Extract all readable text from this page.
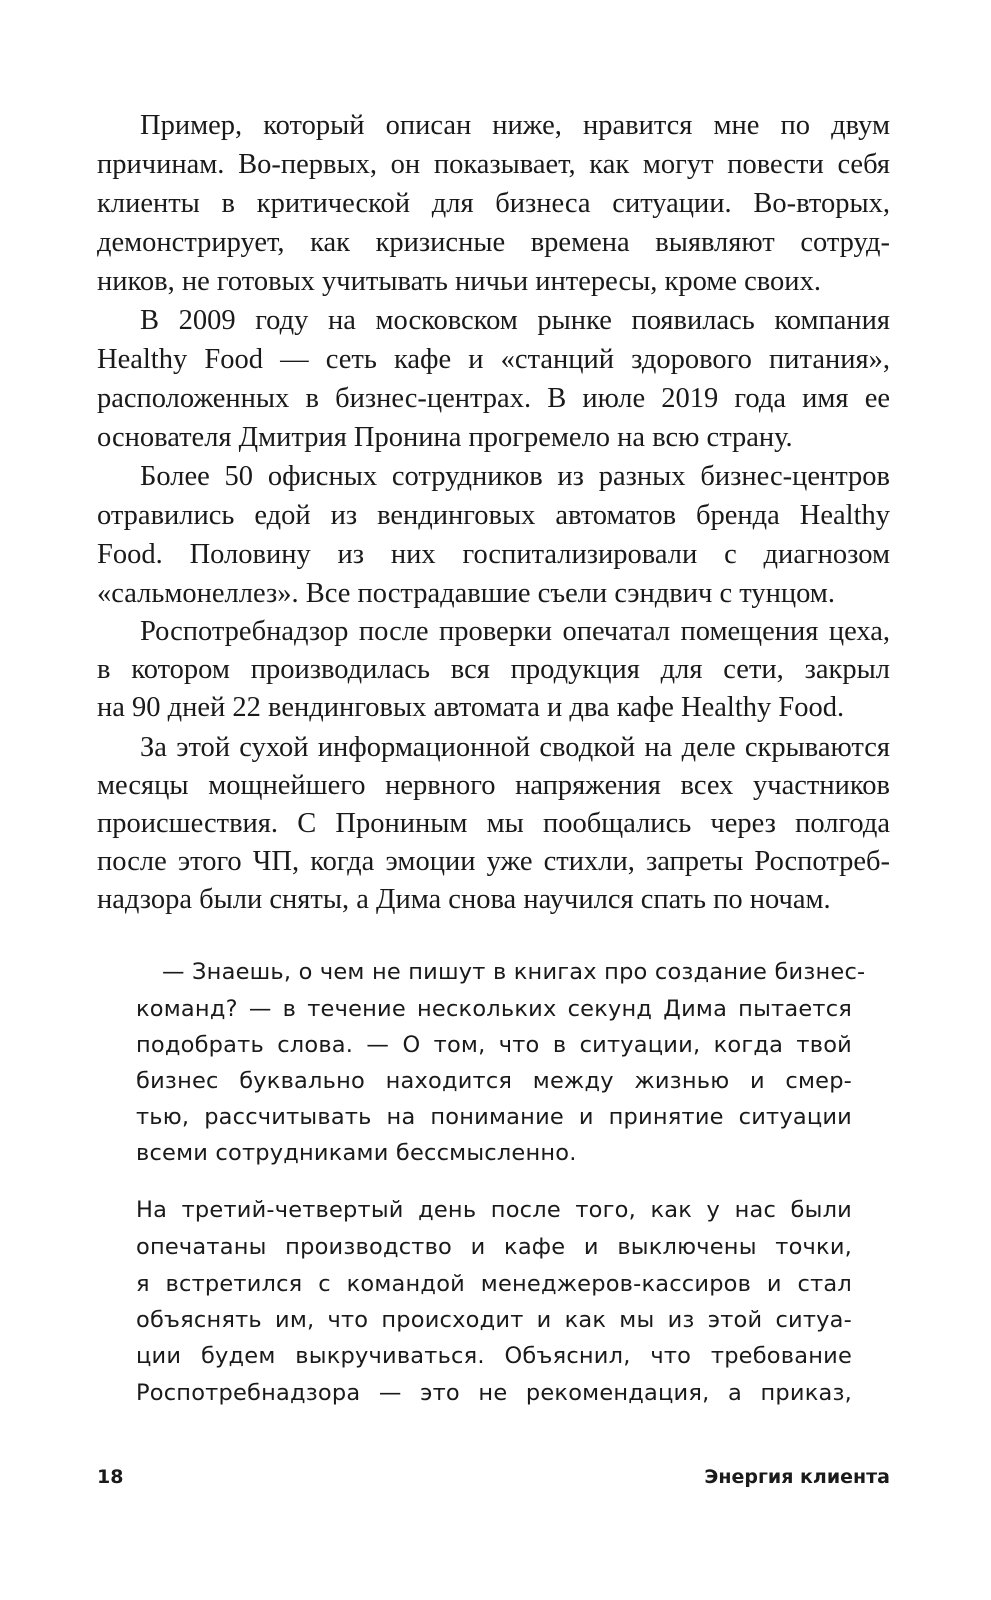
Пример, который описан ниже, нравится мне по двум
причинам. Во-первых, он показывает, как могут повести себя
клиенты в критической для бизнеса ситуации. Во-вторых,
демонстрирует, как кризисные времена выявляют сотруд-
ников, не готовых учитывать ничьи интересы, кроме своих.
В 2009 году на московском рынке появилась компания
Healthy Food — сеть кафе и «станций здорового питания»,
расположенных в бизнес-центрах. В июле 2019 года имя ее
основателя Дмитрия Пронина прогремело на всю страну.
Более 50 офисных сотрудников из разных бизнес-центров
отравились едой из вендинговых автоматов бренда Healthy
Food. Половину из них госпитализировали с диагнозом
«сальмонеллез». Все пострадавшие съели сэндвич с тунцом.
Роспотребнадзор после проверки опечатал помещения цеха,
в котором производилась вся продукция для сети, закрыл
на 90 дней 22 вендинговых автомата и два кафе Healthy Food.
За этой сухой информационной сводкой на деле скрываются
месяцы мощнейшего нервного напряжения всех участников
происшествия. С Прониным мы пообщались через полгода
после этого ЧП, когда эмоции уже стихли, запреты Роспотреб-
надзора были сняты, а Дима снова научился спать по ночам.
— Знаешь, о чем не пишут в книгах про создание бизнес-
команд? — в течение нескольких секунд Дима пытается
подобрать слова. — О том, что в ситуации, когда твой
бизнес буквально находится между жизнью и смер-
тью, рассчитывать на понимание и принятие ситуации
всеми сотрудниками бессмысленно.
На третий-четвертый день после того, как у нас были
опечатаны производство и кафе и выключены точки,
я встретился с командой менеджеров-кассиров и стал
объяснять им, что происходит и как мы из этой ситуа-
ции будем выкручиваться. Объяснил, что требование
Роспотребнадзора — это не рекомендация, а приказ,
18	Энергия клиента
